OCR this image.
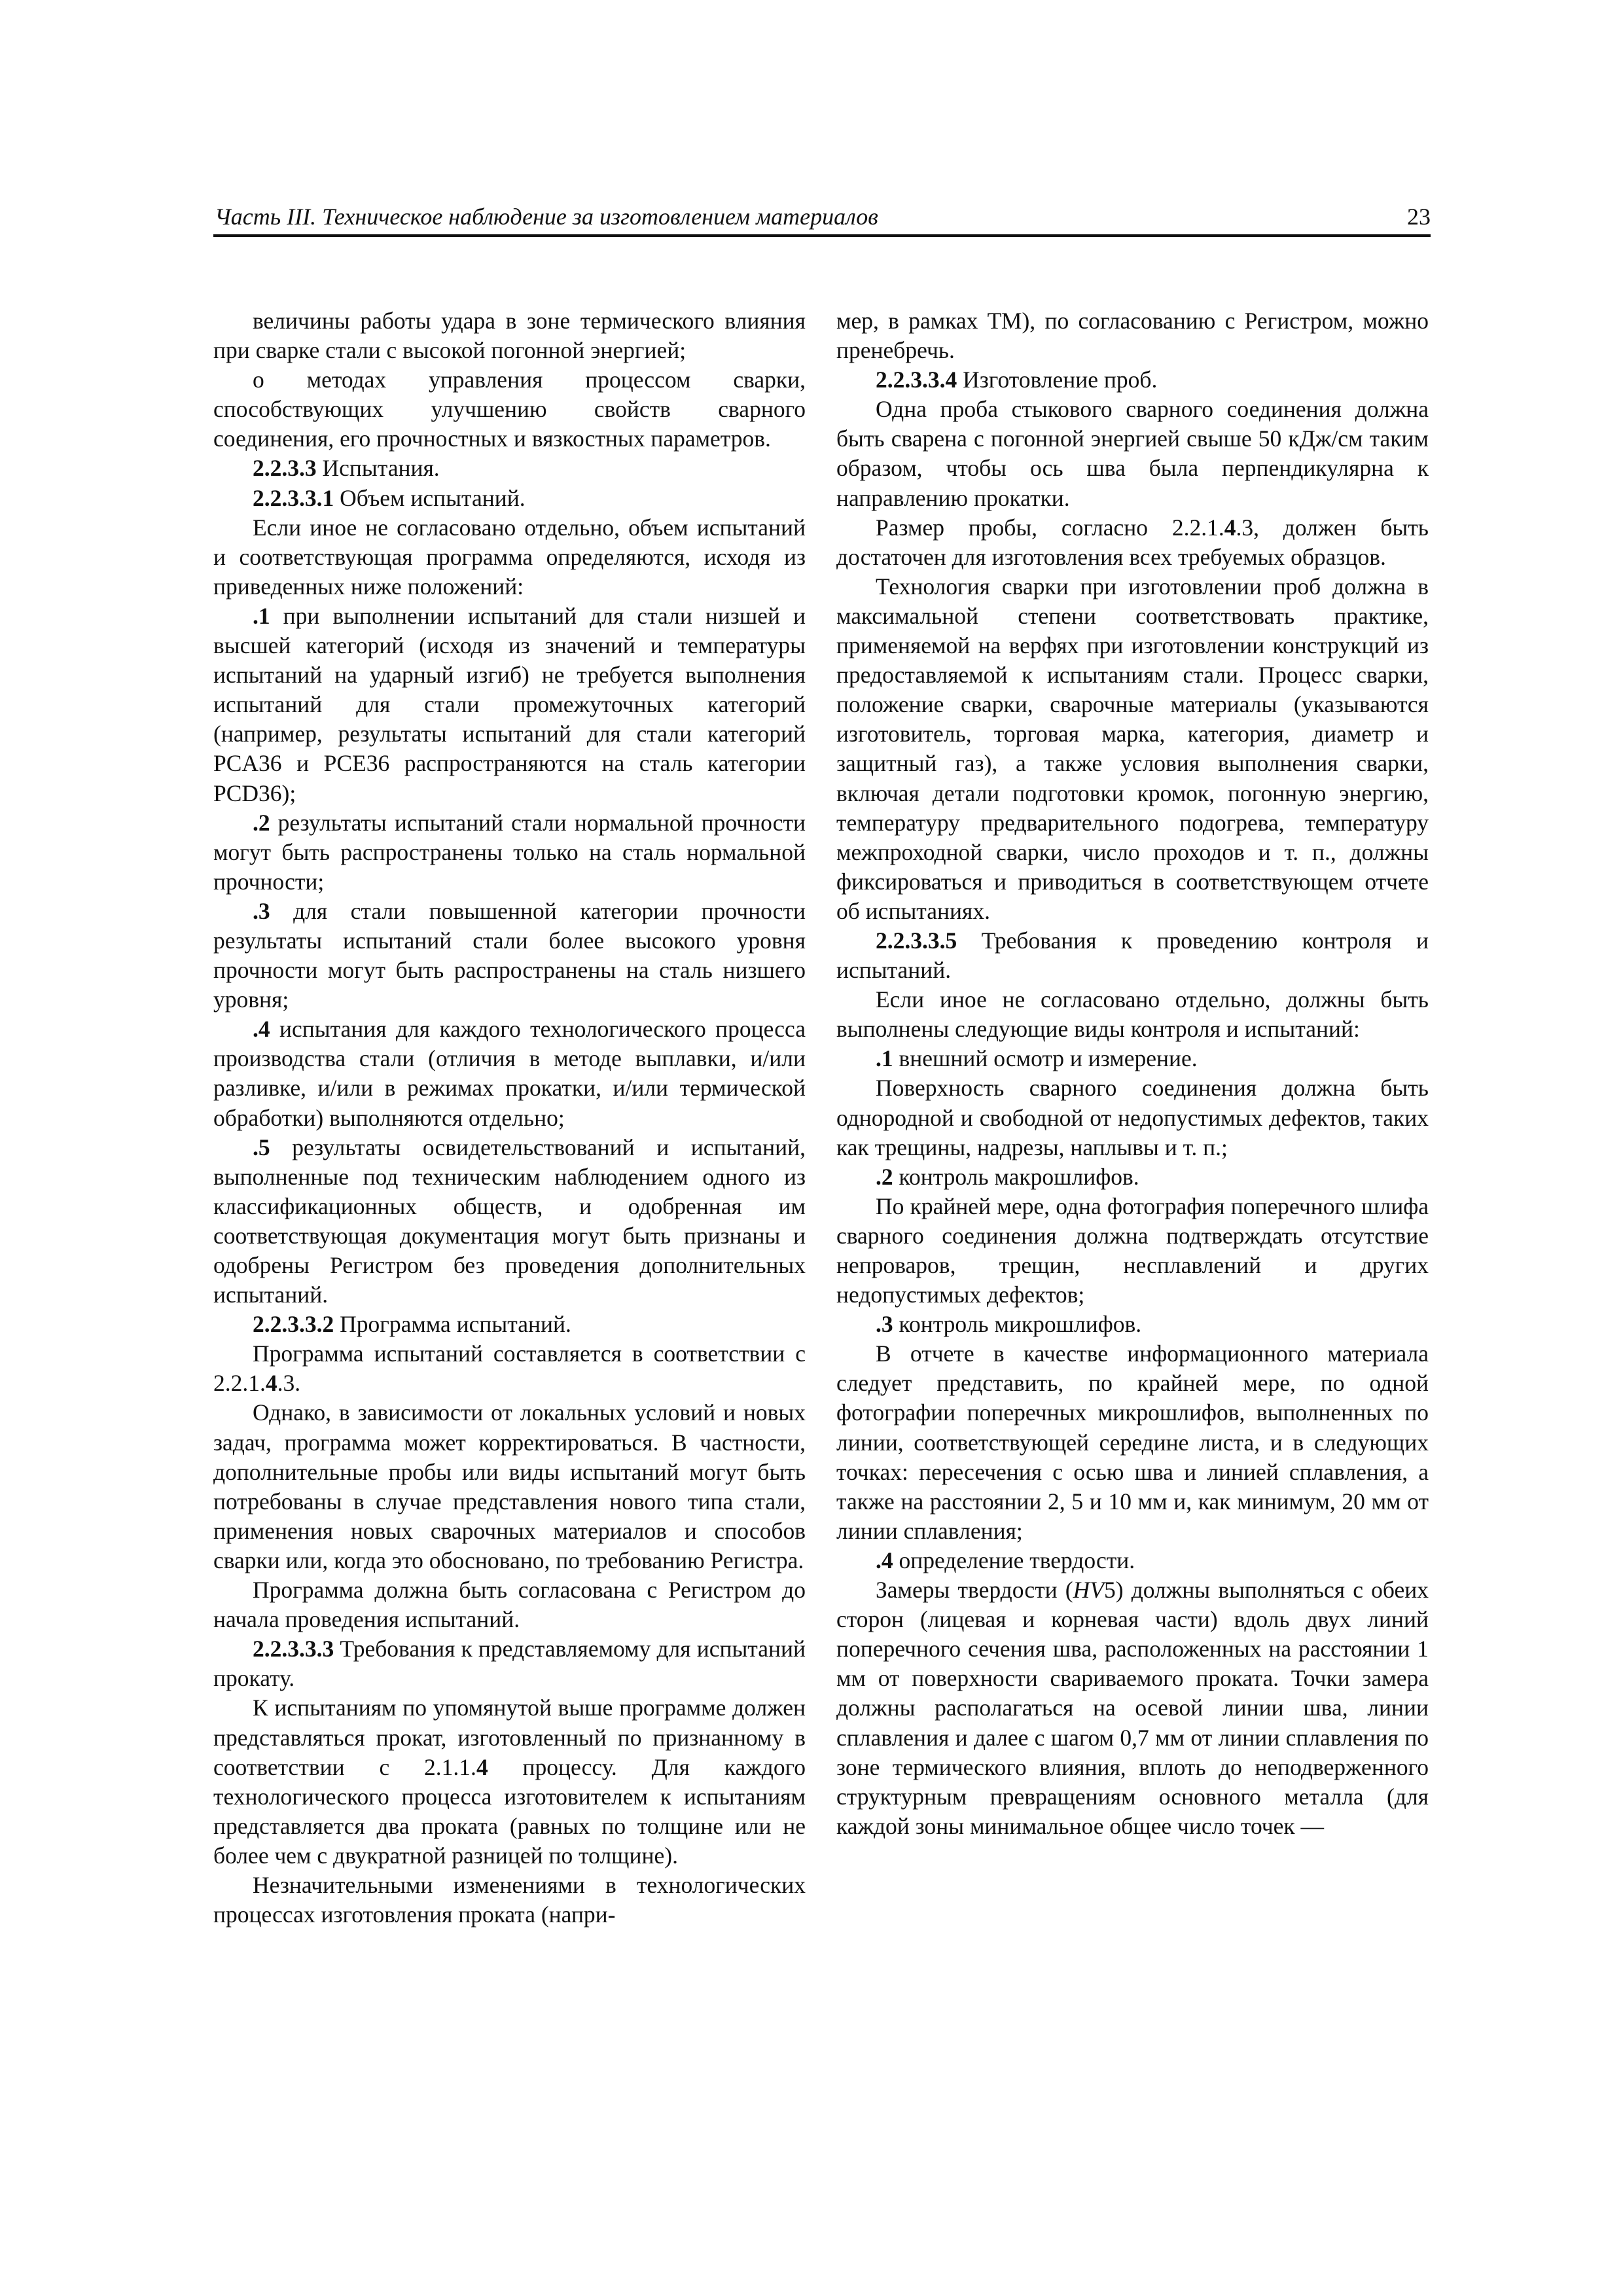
Часть III. Техническое наблюдение за изготовлением материалов	23

величины работы удара в зоне термического влияния при сварке стали с высокой погонной энергией;

о методах управления процессом сварки, способствующих улучшению свойств сварного соединения, его прочностных и вязкостных параметров.

2.2.3.3 Испытания.

2.2.3.3.1 Объем испытаний.

Если иное не согласовано отдельно, объем испытаний и соответствующая программа определяются, исходя из приведенных ниже положений:

.1 при выполнении испытаний для стали низшей и высшей категорий (исходя из значений и температуры испытаний на ударный изгиб) не требуется выполнения испытаний для стали промежуточных категорий (например, результаты испытаний для стали категорий PCA36 и PCE36 распространяются на сталь категории PCD36);

.2 результаты испытаний стали нормальной прочности могут быть распространены только на сталь нормальной прочности;

.3 для стали повышенной категории прочности результаты испытаний стали более высокого уровня прочности могут быть распространены на сталь низшего уровня;

.4 испытания для каждого технологического процесса производства стали (отличия в методе выплавки, и/или разливке, и/или в режимах прокатки, и/или термической обработки) выполняются отдельно;

.5 результаты освидетельствований и испытаний, выполненные под техническим наблюдением одного из классификационных обществ, и одобренная им соответствующая документация могут быть признаны и одобрены Регистром без проведения дополнительных испытаний.

2.2.3.3.2 Программа испытаний.

Программа испытаний составляется в соответствии с 2.2.1.4.3.

Однако, в зависимости от локальных условий и новых задач, программа может корректироваться. В частности, дополнительные пробы или виды испытаний могут быть потребованы в случае представления нового типа стали, применения новых сварочных материалов и способов сварки или, когда это обосновано, по требованию Регистра.

Программа должна быть согласована с Регистром до начала проведения испытаний.

2.2.3.3.3 Требования к представляемому для испытаний прокату.

К испытаниям по упомянутой выше программе должен представляться прокат, изготовленный по признанному в соответствии с 2.1.1.4 процессу. Для каждого технологического процесса изготовителем к испытаниям представляется два проката (равных по толщине или не более чем с двукратной разницей по толщине).

Незначительными изменениями в технологических процессах изготовления проката (напри-

мер, в рамках ТМ), по согласованию с Регистром, можно пренебречь.

2.2.3.3.4 Изготовление проб.

Одна проба стыкового сварного соединения должна быть сварена с погонной энергией свыше 50 кДж/см таким образом, чтобы ось шва была перпендикулярна к направлению прокатки.

Размер пробы, согласно 2.2.1.4.3, должен быть достаточен для изготовления всех требуемых образцов.

Технология сварки при изготовлении проб должна в максимальной степени соответствовать практике, применяемой на верфях при изготовлении конструкций из предоставляемой к испытаниям стали. Процесс сварки, положение сварки, сварочные материалы (указываются изготовитель, торговая марка, категория, диаметр и защитный газ), а также условия выполнения сварки, включая детали подготовки кромок, погонную энергию, температуру предварительного подогрева, температуру межпроходной сварки, число проходов и т. п., должны фиксироваться и приводиться в соответствующем отчете об испытаниях.

2.2.3.3.5 Требования к проведению контроля и испытаний.

Если иное не согласовано отдельно, должны быть выполнены следующие виды контроля и испытаний:

.1 внешний осмотр и измерение.

Поверхность сварного соединения должна быть однородной и свободной от недопустимых дефектов, таких как трещины, надрезы, наплывы и т. п.;

.2 контроль макрошлифов.

По крайней мере, одна фотография поперечного шлифа сварного соединения должна подтверждать отсутствие непроваров, трещин, несплавлений и других недопустимых дефектов;

.3 контроль микрошлифов.

В отчете в качестве информационного материала следует представить, по крайней мере, по одной фотографии поперечных микрошлифов, выполненных по линии, соответствующей середине листа, и в следующих точках: пересечения с осью шва и линией сплавления, а также на расстоянии 2, 5 и 10 мм и, как минимум, 20 мм от линии сплавления;

.4 определение твердости.

Замеры твердости (HV5) должны выполняться с обеих сторон (лицевая и корневая части) вдоль двух линий поперечного сечения шва, расположенных на расстоянии 1 мм от поверхности свариваемого проката. Точки замера должны располагаться на осевой линии шва, линии сплавления и далее с шагом 0,7 мм от линии сплавления по зоне термического влияния, вплоть до неподверженного структурным превращениям основного металла (для каждой зоны минимальное общее число точек —
